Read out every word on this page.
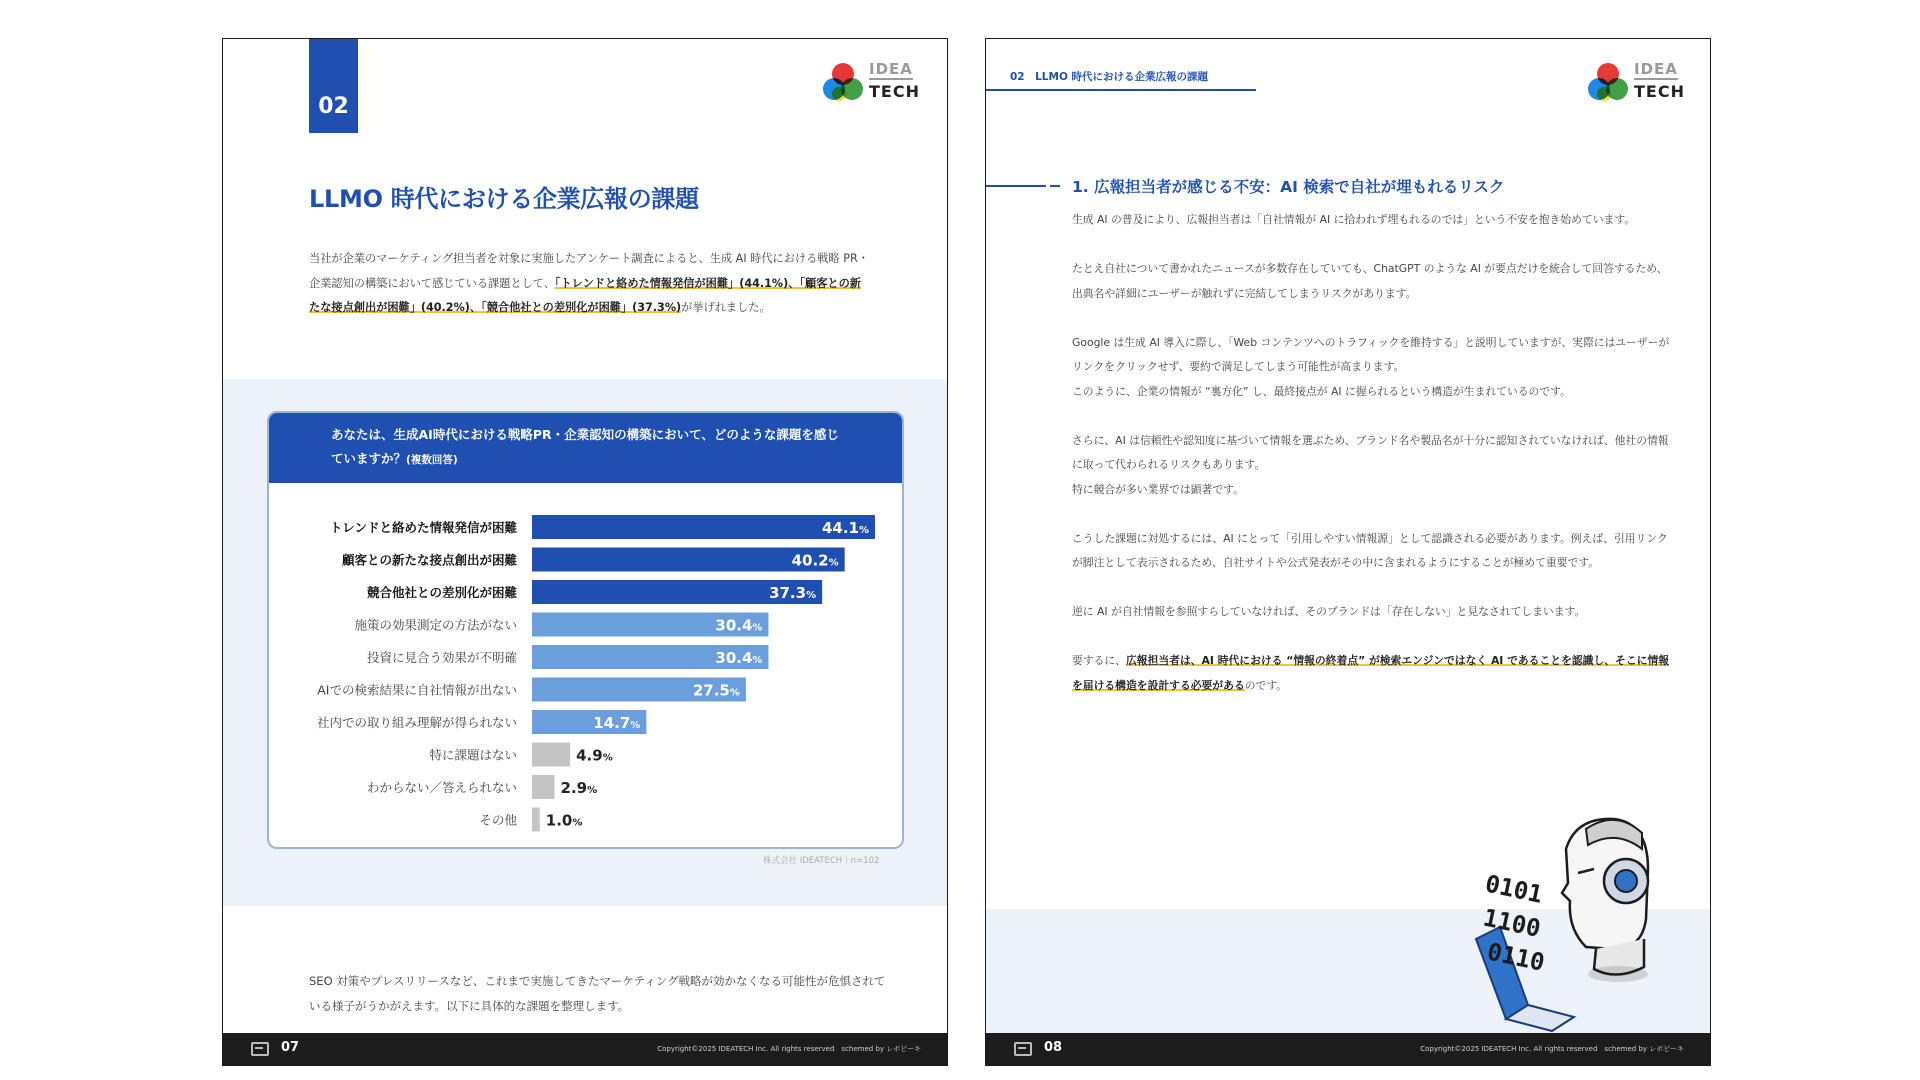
02
IDEA
TECH
LLMO 時代における企業広報の課題

当社が企業のマーケティング担当者を対象に実施したアンケート調査によると、生成 AI 時代における戦略 PR・企業認知の構築において感じている課題として、「トレンドと絡めた情報発信が困難」(44.1%)、「顧客との新たな接点創出が困難」(40.2%)、「競合他社との差別化が困難」(37.3%)が挙げれました。

あなたは、生成AI時代における戦略PR・企業認知の構築において、どのような課題を感じていますか？(複数回答)
トレンドと絡めた情報発信が困難	44.1%
顧客との新たな接点創出が困難	40.2%
競合他社との差別化が困難	37.3%
施策の効果測定の方法がない	30.4%
投資に見合う効果が不明確	30.4%
AIでの検索結果に自社情報が出ない	27.5%
社内での取り組み理解が得られない	14.7%
特に課題はない	4.9%
わからない／答えられない	2.9%
その他 1.0%
株式会社 IDEATECH｜n=102

SEO 対策やプレスリリースなど、これまで実施してきたマーケティング戦略が効かなくなる可能性が危惧されている様子がうかがえます。以下に具体的な課題を整理します。

07	Copyright©2025 IDEATECH Inc. All rights reserved　schemed by レボピーキ
02　LLMO 時代における企業広報の課題	IDEA
TECH
1. 広報担当者が感じる不安：AI 検索で自社が埋もれるリスク

生成 AI の普及により、広報担当者は「自社情報が AI に拾われず埋もれるのでは」という不安を抱き始めています。

たとえ自社について書かれたニュースが多数存在していても、ChatGPT のような AI が要点だけを統合して回答するため、出典名や詳細にユーザーが触れずに完結してしまうリスクがあります。

Google は生成 AI 導入に際し、「Web コンテンツへのトラフィックを維持する」と説明していますが、実際にはユーザーがリンクをクリックせず、要約で満足してしまう可能性が高まります。
このように、企業の情報が “裏方化” し、最終接点が AI に握られるという構造が生まれているのです。

さらに、AI は信頼性や認知度に基づいて情報を選ぶため、ブランド名や製品名が十分に認知されていなければ、他社の情報に取って代わられるリスクもあります。
特に競合が多い業界では顕著です。

こうした課題に対処するには、AI にとって「引用しやすい情報源」として認識される必要があります。例えば、引用リンクが脚注として表示されるため、自社サイトや公式発表がその中に含まれるようにすることが極めて重要です。

逆に AI が自社情報を参照すらしていなければ、そのブランドは「存在しない」と見なされてしまいます。

要するに、広報担当者は、AI 時代における “情報の終着点” が検索エンジンではなく AI であることを認識し、そこに情報を届ける構造を設計する必要があるのです。

0101
1100
0110
08	Copyright©2025 IDEATECH Inc. All rights reserved　schemed by レボピーキ
